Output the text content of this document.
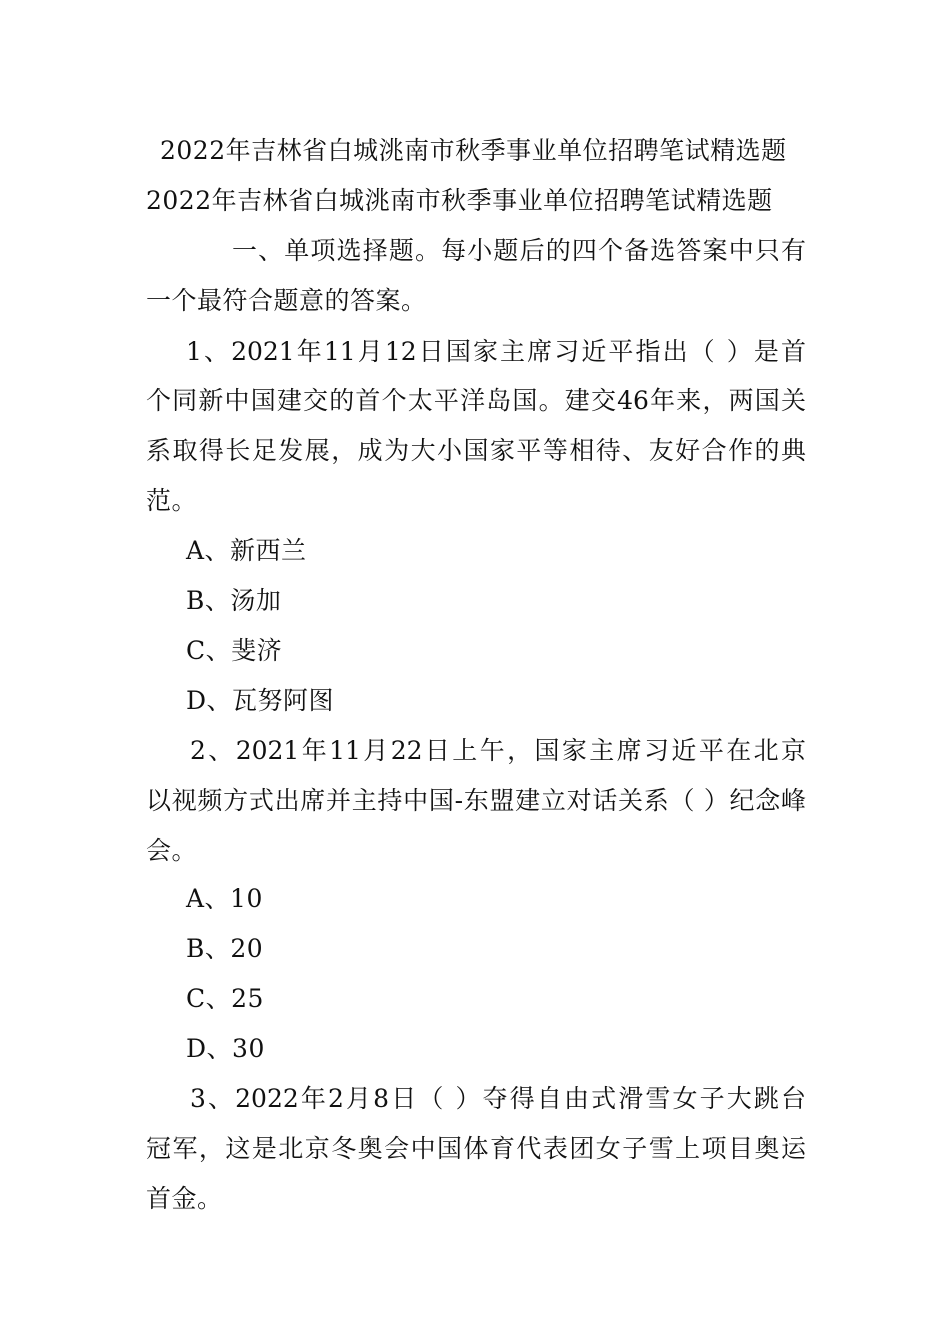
2022年吉林省白城洮南市秋季事业单位招聘笔试精选题
2022年吉林省白城洮南市秋季事业单位招聘笔试精选题
一、单项选择题。每小题后的四个备选答案中只有
一个最符合题意的答案。
1、2021年11月12日国家主席习近平指出（ ）是首
个同新中国建交的首个太平洋岛国。建交46年来，两国关
系取得长足发展，成为大小国家平等相待、友好合作的典
范。
A、新西兰
B、汤加
C、斐济
D、瓦努阿图
2、2021年11月22日上午，国家主席习近平在北京
以视频方式出席并主持中国-东盟建立对话关系（ ）纪念峰
会。
A、10
B、20
C、25
D、30
3、2022年2月8日（ ）夺得自由式滑雪女子大跳台
冠军，这是北京冬奥会中国体育代表团女子雪上项目奥运
首金。
